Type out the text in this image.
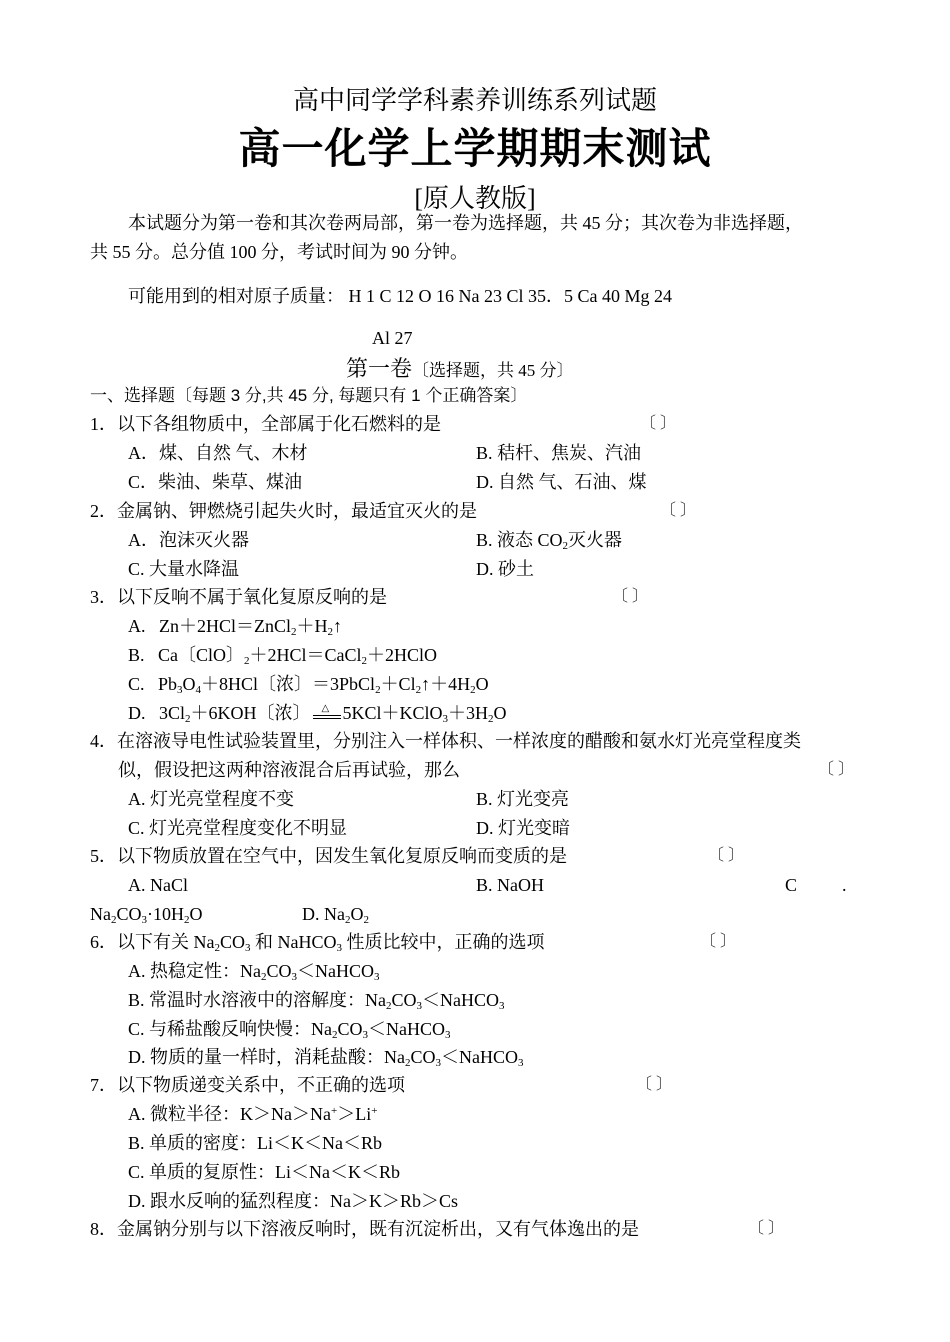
高中同学学科素养训练系列试题
高一化学上学期期末测试
[原人教版]
本试题分为第一卷和其次卷两局部，第一卷为选择题，共 45 分；其次卷为非选择题，
共 55 分。总分值 100 分，考试时间为 90 分钟。
可能用到的相对原子质量： H 1 C 12 O 16 Na 23 Cl 35．5 Ca 40 Mg 24
Al 27
第一卷〔选择题，共 45 分〕
一、选择题〔每题 3 分,共 45 分, 每题只有 1 个正确答案〕
1．以下各组物质中，全部属于化石燃料的是	〔 〕
A．煤、自然 气、木材	B. 秸杆、焦炭、汽油
C．柴油、柴草、煤油	D. 自然 气、石油、煤
2．金属钠、钾燃烧引起失火时，最适宜灭火的是	〔 〕
A．泡沫灭火器	B. 液态 $CO_2$灭火器
C. 大量水降温	D. 砂土
3．以下反响不属于氧化复原反响的是	〔 〕
A.   $Zn+2HCl=ZnCl_2+H_2↑$
B.   Ca〔ClO〕$_2$＋2HCl＝CaCl$_2$＋2HClO
C.   $Pb_3O_4+8HCl$〔浓〕$=3PbCl_2+Cl_2↑+4H_2O$
D.   $3Cl_2+6KOH$〔浓〕 △ $5KCl+KClO_3+3H_2O$
4．在溶液导电性试验装置里，分别注入一样体积、一样浓度的醋酸和氨水灯光亮堂程度类
似，假设把这两种溶液混合后再试验，那么	〔 〕
A. 灯光亮堂程度不变	B. 灯光变亮
C. 灯光亮堂程度变化不明显	D. 灯光变暗
5．以下物质放置在空气中，因发生氧化复原反响而变质的是	〔 〕
A. NaCl	B. NaOH	C .
$Na_2CO_3\cdot 10H_2O$	D. $Na_2O_2$
6．以下有关 $Na_2CO_3$ 和 NaHCO$_3$ 性质比较中，正确的选项	〔 〕
A. 热稳定性：$Na_2CO_3<NaHCO_3$
B. 常温时水溶液中的溶解度：$Na_2CO_3<NaHCO_3$
C. 与稀盐酸反响快慢：$Na_2CO_3<NaHCO_3$
D. 物质的量一样时，消耗盐酸：$Na_2CO_3<NaHCO_3$
7．以下物质递变关系中，不正确的选项	〔 〕
A. 微粒半径：K＞Na＞Na+＞Li+
B. 单质的密度：Li＜K＜Na＜Rb
C. 单质的复原性：Li＜Na＜K＜Rb
D. 跟水反响的猛烈程度：Na＞K＞Rb＞Cs
8．金属钠分别与以下溶液反响时，既有沉淀析出，又有气体逸出的是	〔 〕
